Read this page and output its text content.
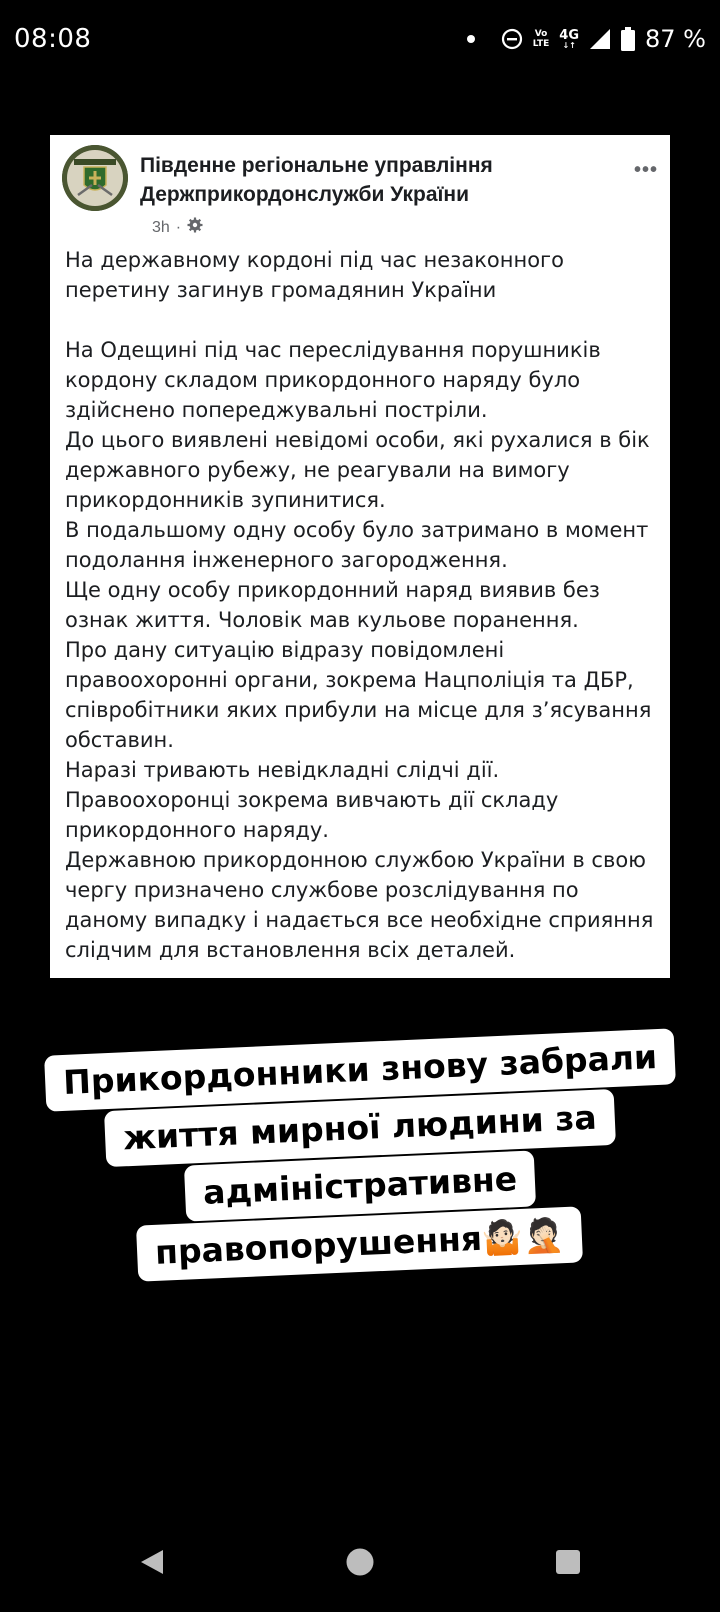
08:08	Vo
LTE
4G
↓↑	87 %
Південне регіональне управління
Держприкордонслужби України
•••
3h ·
На державному кордоні під час незаконного
перетину загинув громадянин України
На Одещині під час переслідування порушників
кордону складом прикордонного наряду було
здійснено попереджувальні постріли.
До цього виявлені невідомі особи, які рухалися в бік
державного рубежу, не реагували на вимогу
прикордонників зупинитися.
В подальшому одну особу було затримано в момент
подолання інженерного загородження.
Ще одну особу прикордонний наряд виявив без
ознак життя. Чоловік мав кульове поранення.
Про дану ситуацію відразу повідомлені
правоохоронні органи, зокрема Нацполіція та ДБР,
співробітники яких прибули на місце для з’ясування
обставин.
Наразі тривають невідкладні слідчі дії.
Правоохоронці зокрема вивчають дії складу
прикордонного наряду.
Державною прикордонною службою України в свою
чергу призначено службове розслідування по
даному випадку і надається все необхідне сприяння
слідчим для встановлення всіх деталей.
Прикордонники знову забрали
життя мирної людини за
адміністративне
правопорушення🤷🏻🤦🏻
